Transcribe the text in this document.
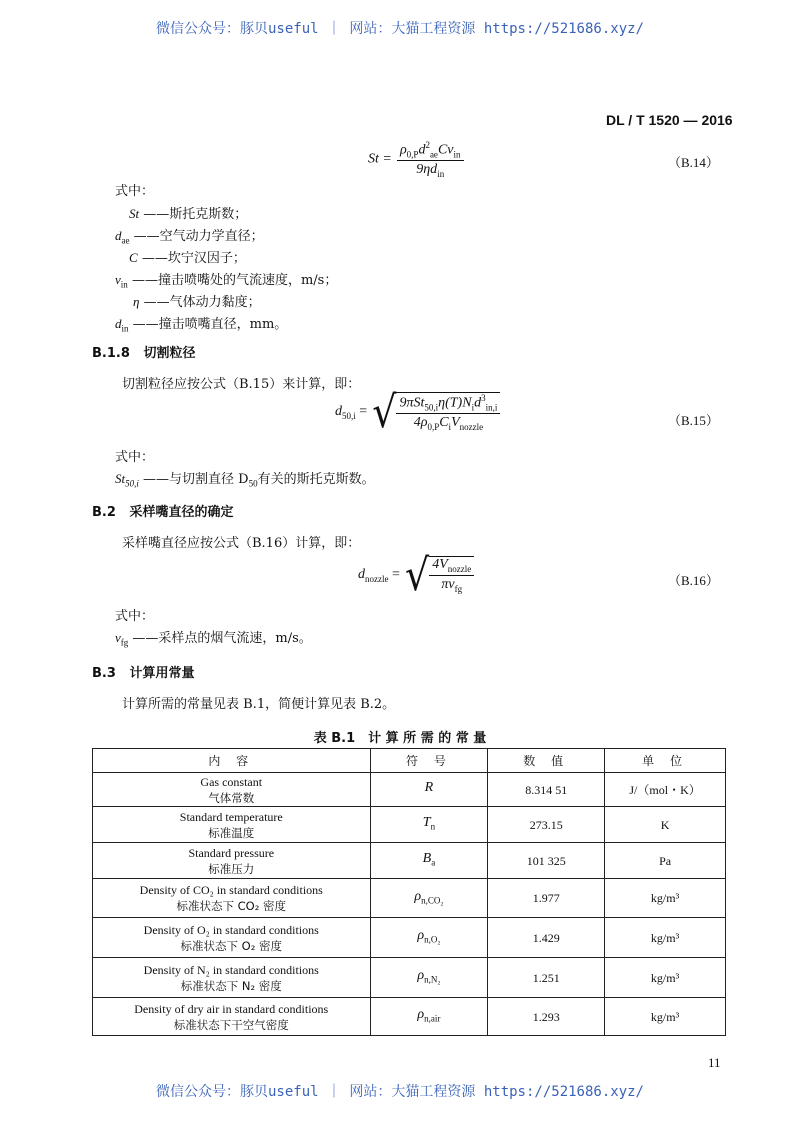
微信公众号：豚贝useful ｜ 网站：大猫工程资源 https://521686.xyz/
DL / T 1520 — 2016
$St = \frac{\rho_{0,P}d^2_{ae}Cv_{in}}{9\eta d_{in}}$	（B.14）
式中：
St ——斯托克斯数；
$d_{ae}$ ——空气动力学直径；
C ——坎宁汉因子；
$v_{in}$ ——撞击喷嘴处的气流速度，m/s；
η ——气体动力黏度；
$d_{in}$ ——撞击喷嘴直径，mm。
B.1.8 切割粒径
切割粒径应按公式（B.15）来计算，即：
$d_{50,i}$ = √ $\frac{9\pi St_{50,i}\eta(T)N_id^3_{in,i}}{4\rho_{0,P}C_iV_{nozzle}}$	（B.15）
式中：
$St_{50,i}$ ——与切割直径 $D_{50}$有关的斯托克斯数。
B.2 采样嘴直径的确定
采样嘴直径应按公式（B.16）计算，即：
$d_{nozzle}$ = √ $\frac{4V_{nozzle}}{\pi v_{fg}}$	（B.16）
式中：
$v_{fg}$ ——采样点的烟气流速，m/s。
B.3 计算用常量
计算所需的常量见表 B.1，简便计算见表 B.2。
表 B.1　计 算 所 需 的 常 量
内 容	符 号	数 值	单 位

Gas constant
气体常数	R	8.314 51	J/（mol・K）

Standard temperature
标准温度	$T_n$	273.15	K

Standard pressure
标准压力	$B_a$	101 325	Pa

Density of CO₂ in standard conditions
标准状态下 CO₂ 密度	$\rho_{n,CO_2}$	1.977	kg/m³

Density of O₂ in standard conditions
标准状态下 O₂ 密度	$\rho_{n,O_2}$	1.429	kg/m³

Density of N₂ in standard conditions
标准状态下 N₂ 密度	$\rho_{n,N_2}$	1.251	kg/m³

Density of dry air in standard conditions
标准状态下干空气密度	$\rho_{n,air}$	1.293	kg/m³
11
微信公众号：豚贝useful ｜ 网站：大猫工程资源 https://521686.xyz/
